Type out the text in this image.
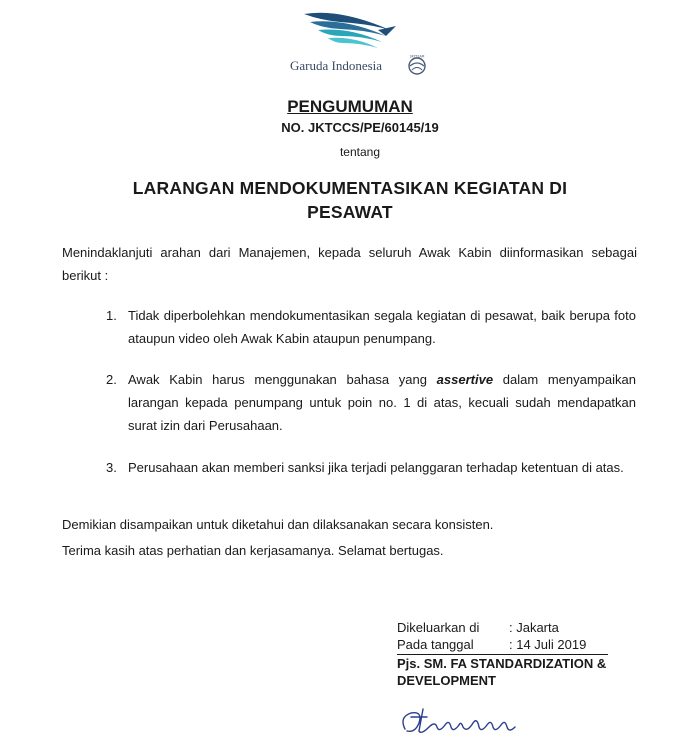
Garuda Indonesia
SKYTEAM
PENGUMUMAN
NO. JKTCCS/PE/60145/19
tentang
LARANGAN MENDOKUMENTASIKAN KEGIATAN DI
PESAWAT
Menindaklanjuti arahan dari Manajemen, kepada seluruh Awak Kabin diinformasikan sebagai berikut :
1. Tidak diperbolehkan mendokumentasikan segala kegiatan di pesawat, baik berupa foto ataupun video oleh Awak Kabin ataupun penumpang.
2. Awak Kabin harus menggunakan bahasa yang assertive dalam menyampaikan larangan kepada penumpang untuk poin no. 1 di atas, kecuali sudah mendapatkan surat izin dari Perusahaan.
3. Perusahaan akan memberi sanksi jika terjadi pelanggaran terhadap ketentuan di atas.
Demikian disampaikan untuk diketahui dan dilaksanakan secara konsisten.
Terima kasih atas perhatian dan kerjasamanya. Selamat bertugas.
Dikeluarkan di : Jakarta
Pada tanggal	: 14 Juli 2019
Pjs. SM. FA STANDARDIZATION &
DEVELOPMENT
